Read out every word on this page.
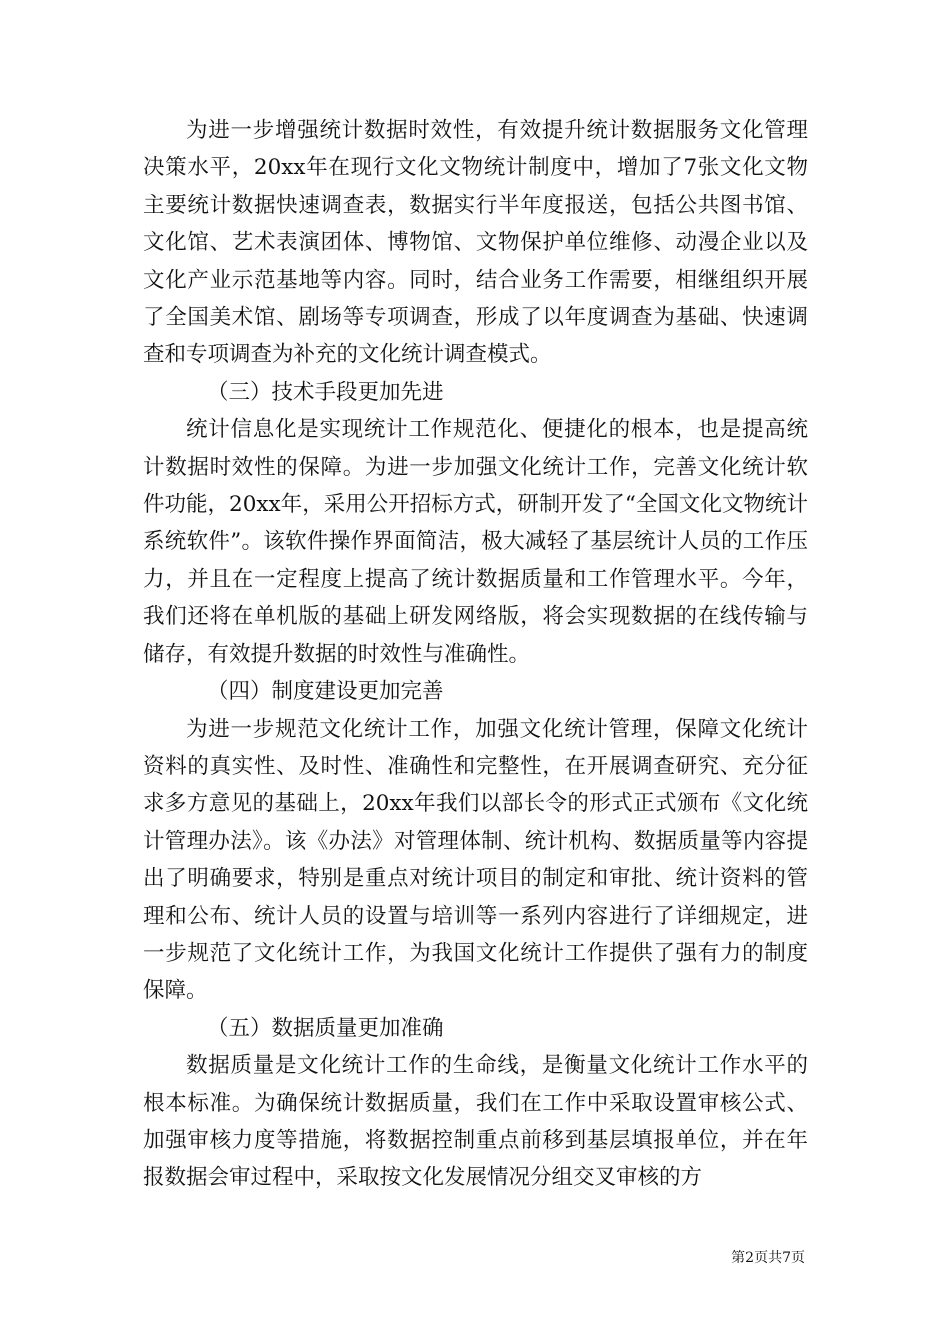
为进一步增强统计数据时效性，有效提升统计数据服务文化管理决策水平，20xx年在现行文化文物统计制度中，增加了7张文化文物主要统计数据快速调查表，数据实行半年度报送，包括公共图书馆、文化馆、艺术表演团体、博物馆、文物保护单位维修、动漫企业以及文化产业示范基地等内容。同时，结合业务工作需要，相继组织开展了全国美术馆、剧场等专项调查，形成了以年度调查为基础、快速调查和专项调查为补充的文化统计调查模式。

（三）技术手段更加先进

统计信息化是实现统计工作规范化、便捷化的根本，也是提高统计数据时效性的保障。为进一步加强文化统计工作，完善文化统计软件功能，20xx年，采用公开招标方式，研制开发了“全国文化文物统计系统软件”。该软件操作界面简洁，极大减轻了基层统计人员的工作压力，并且在一定程度上提高了统计数据质量和工作管理水平。今年，我们还将在单机版的基础上研发网络版，将会实现数据的在线传输与储存，有效提升数据的时效性与准确性。

（四）制度建设更加完善

为进一步规范文化统计工作，加强文化统计管理，保障文化统计资料的真实性、及时性、准确性和完整性，在开展调查研究、充分征求多方意见的基础上，20xx年我们以部长令的形式正式颁布《文化统计管理办法》。该《办法》对管理体制、统计机构、数据质量等内容提出了明确要求，特别是重点对统计项目的制定和审批、统计资料的管理和公布、统计人员的设置与培训等一系列内容进行了详细规定，进一步规范了文化统计工作，为我国文化统计工作提供了强有力的制度保障。

（五）数据质量更加准确

数据质量是文化统计工作的生命线，是衡量文化统计工作水平的根本标准。为确保统计数据质量，我们在工作中采取设置审核公式、加强审核力度等措施，将数据控制重点前移到基层填报单位，并在年报数据会审过程中，采取按文化发展情况分组交叉审核的方

第2页共7页
